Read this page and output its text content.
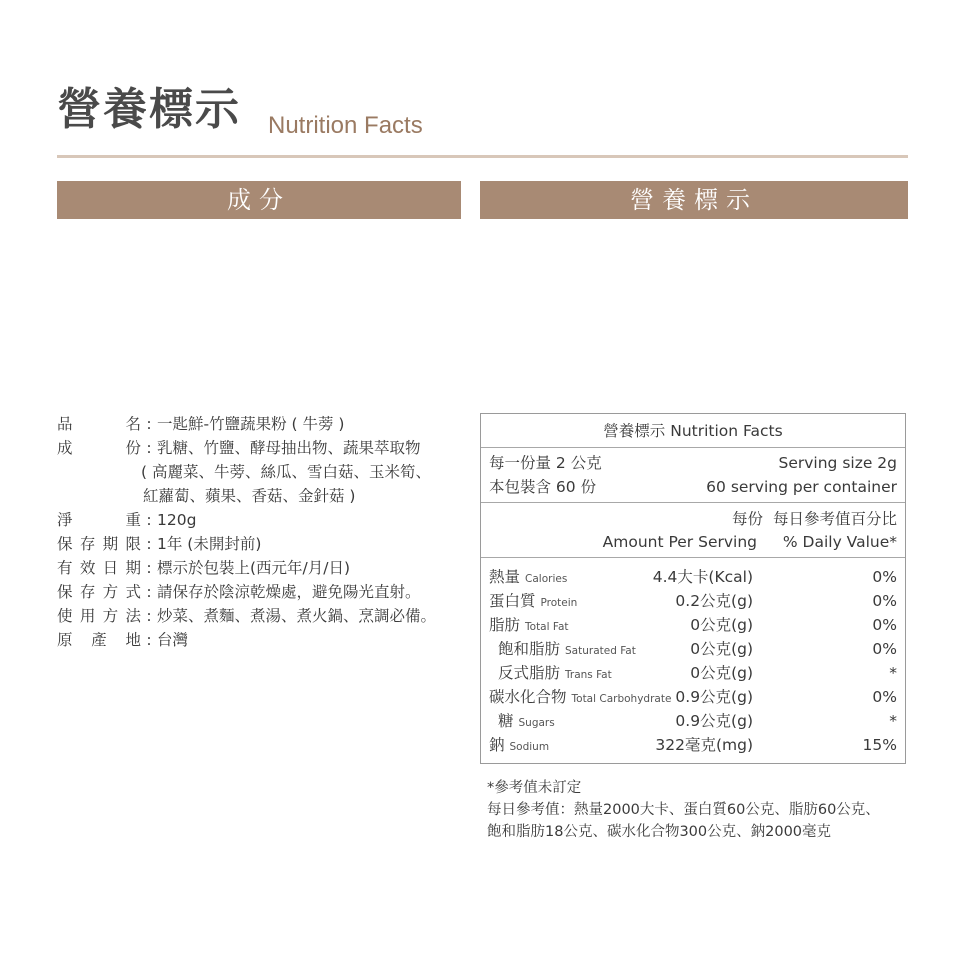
營養標示 Nutrition Facts
成分	營養標示
品　名 : 一匙鮮-竹鹽蔬果粉 ( 牛蒡 )
成　份 : 乳糖、竹鹽、酵母抽出物、蔬果萃取物
( 高麗菜、牛蒡、絲瓜、雪白菇、玉米筍、
紅蘿蔔、蘋果、香菇、金針菇 )
淨　重 : 120g
保存期限 : 1年 (未開封前)
有效日期 : 標示於包裝上(西元年/月/日)
保存方式 : 請保存於陰涼乾燥處，避免陽光直射。
使用方法 : 炒菜、煮麵、煮湯、煮火鍋、烹調必備。
原產地 : 台灣
營養標示 Nutrition Facts
每一份量 2 公克	Serving size 2g
本包裝含 60 份	60 serving per container
每份 每日參考值百分比
Amount Per Serving % Daily Value*
熱量 Calories	4.4大卡(Kcal)	0%
蛋白質 Protein	0.2公克(g)	0%
脂肪 Total Fat	0公克(g)	0%
飽和脂肪 Saturated Fat	0公克(g)	0%
反式脂肪 Trans Fat	0公克(g)	*
碳水化合物 Total Carbohydrate 0.9公克(g)	0%
糖 Sugars	0.9公克(g)	*
鈉 Sodium	322毫克(mg)	15%
*參考值未訂定
每日參考值：熱量2000大卡、蛋白質60公克、脂肪60公克、
飽和脂肪18公克、碳水化合物300公克、鈉2000毫克
